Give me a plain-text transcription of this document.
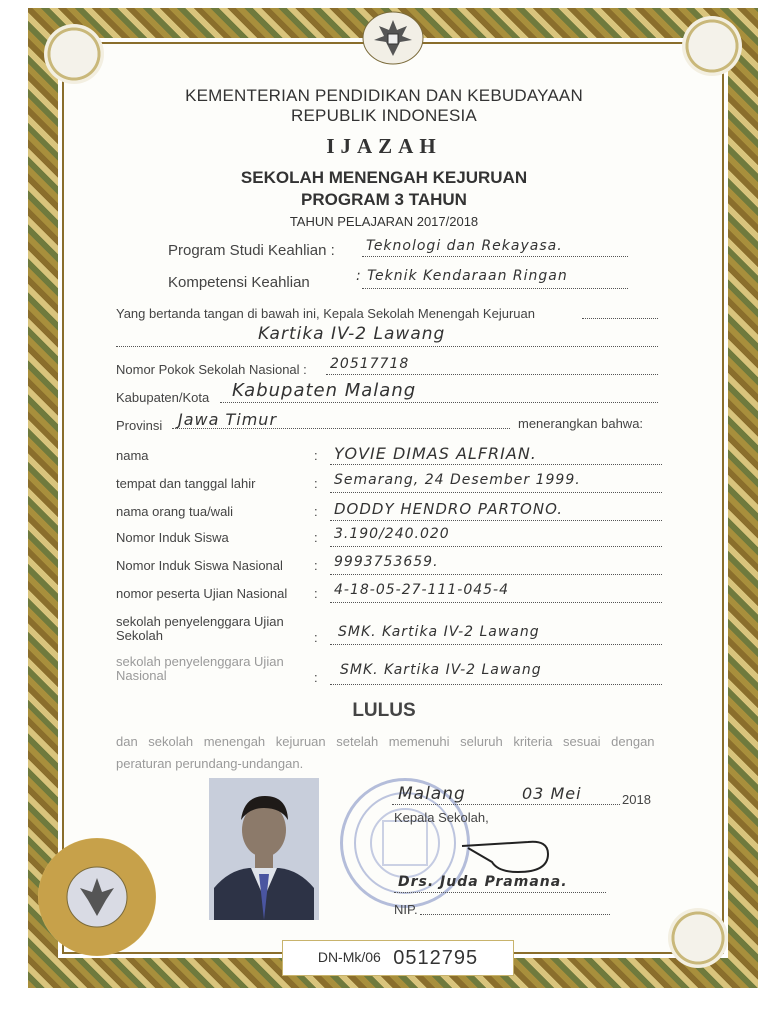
KEMENTERIAN PENDIDIKAN DAN KEBUDAYAAN
REPUBLIK INDONESIA
IJAZAH
SEKOLAH MENENGAH KEJURUAN
PROGRAM 3 TAHUN
TAHUN PELAJARAN 2017/2018
Program Studi Keahlian : Teknologi dan Rekayasa.
Kompetensi Keahlian	: Teknik Kendaraan Ringan
Yang bertanda tangan di bawah ini, Kepala Sekolah Menengah Kejuruan
Kartika IV-2 Lawang
Nomor Pokok Sekolah Nasional : 20517718
Kabupaten/Kota Kabupaten Malang
Provinsi Jawa Timur	menerangkan bahwa:
nama	: YOVIE DIMAS ALFRIAN.
tempat dan tanggal lahir	: Semarang, 24 Desember 1999.
nama orang tua/wali	: DODDY HENDRO PARTONO.
Nomor Induk Siswa	: 3.190/240.020
Nomor Induk Siswa Nasional : 9993753659.
nomor peserta Ujian Nasional : 4-18-05-27-111-045-4
sekolah penyelenggara Ujian
Sekolah	: SMK. Kartika IV-2 Lawang
sekolah penyelenggara Ujian
Nasional	: SMK. Kartika IV-2 Lawang
LULUS
dan sekolah menengah kejuruan setelah memenuhi seluruh kriteria sesuai dengan
peraturan perundang-undangan.
Malang	03 Mei	2018
Kepala Sekolah,
Drs. Juda Pramana.
NIP.
DN-Mk/06 0512795
